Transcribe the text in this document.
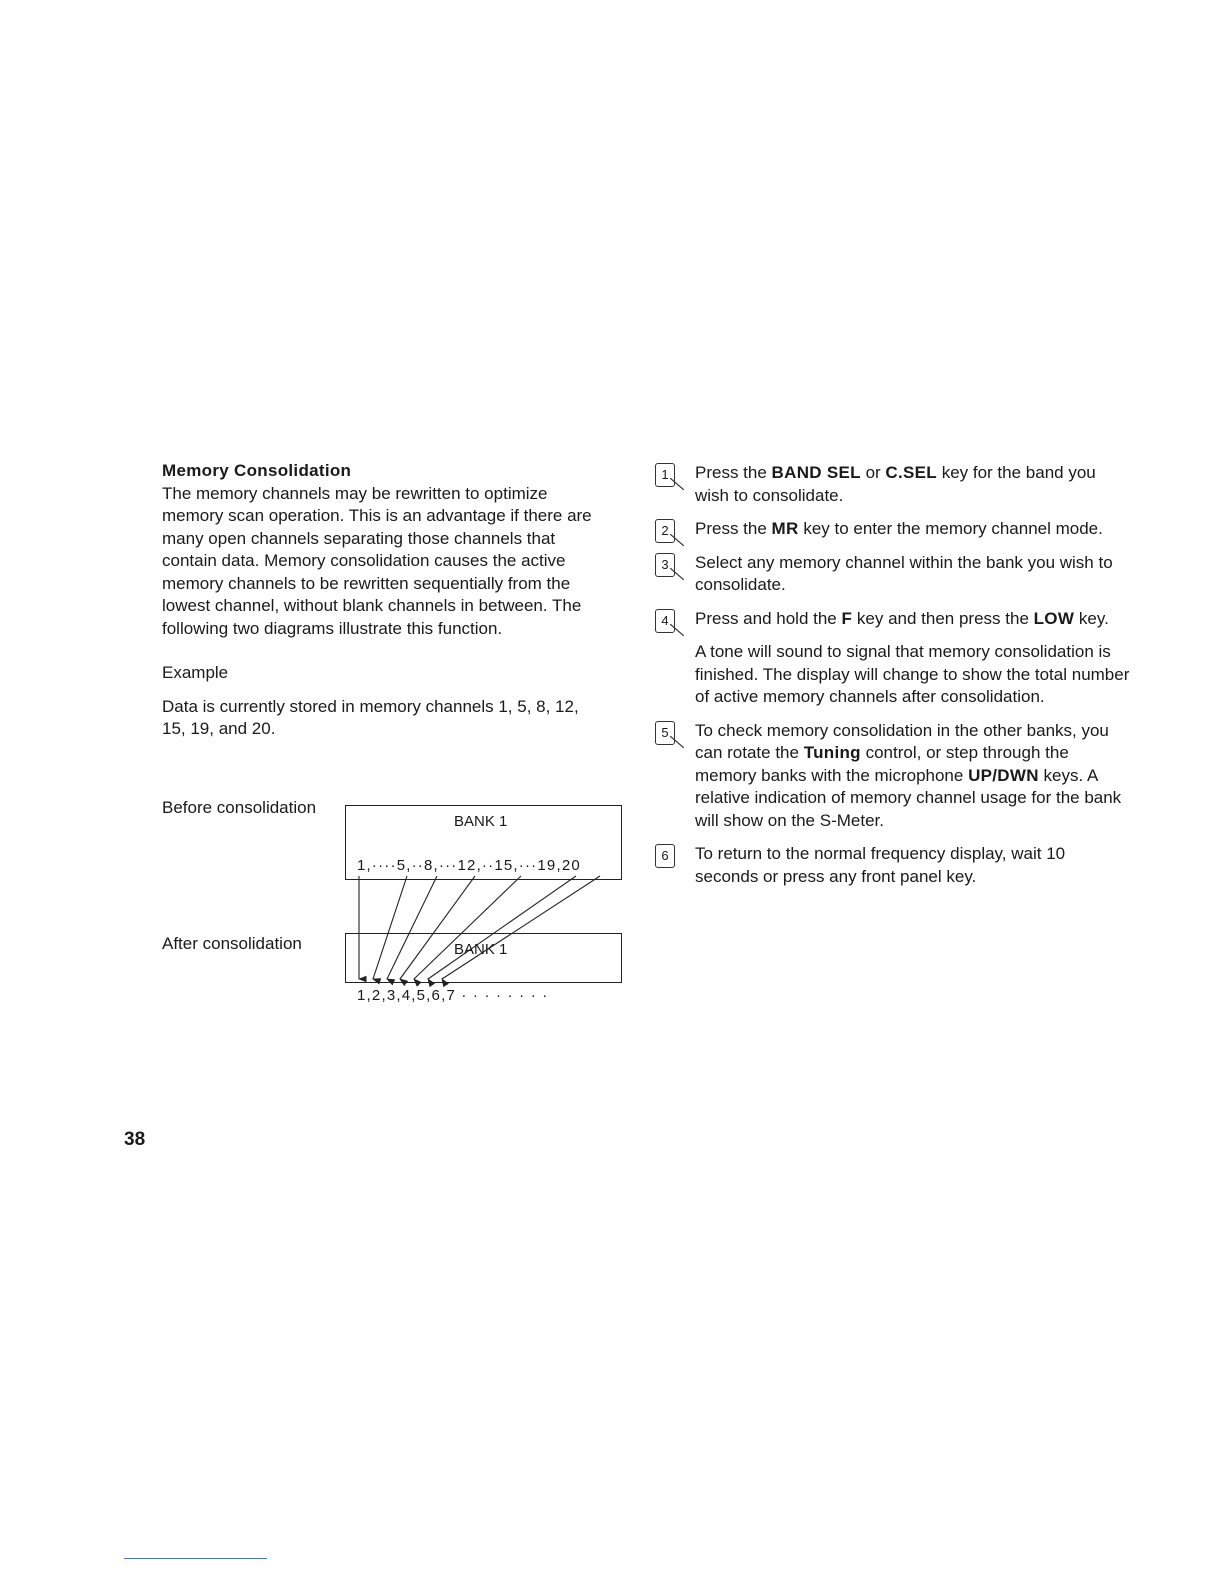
Memory Consolidation
The memory channels may be rewritten to optimize memory scan operation. This is an advantage if there are many open channels separating those channels that contain data. Memory consolidation causes the active memory channels to be rewritten sequentially from the lowest channel, without blank channels in between. The following two diagrams illustrate this function.
Example
Data is currently stored in memory channels 1, 5, 8, 12, 15, 19, and 20.
Before consolidation
BANK 1
1,····5,··8,···12,··15,···19,20
After consolidation	BANK 1
1,2,3,4,5,6,7 · · · · · · · ·
1	Press the BAND SEL or C.SEL key for the band you wish to consolidate.
2	Press the MR key to enter the memory channel mode.
3	Select any memory channel within the bank you wish to consolidate.
4	Press and hold the F key and then press the LOW key.
A tone will sound to signal that memory consolidation is finished. The display will change to show the total number of active memory channels after consolidation.
5	To check memory consolidation in the other banks, you can rotate the Tuning control, or step through the memory banks with the microphone UP/DWN keys. A relative indication of memory channel usage for the bank will show on the S-Meter.
6	To return to the normal frequency display, wait 10 seconds or press any front panel key.
38
